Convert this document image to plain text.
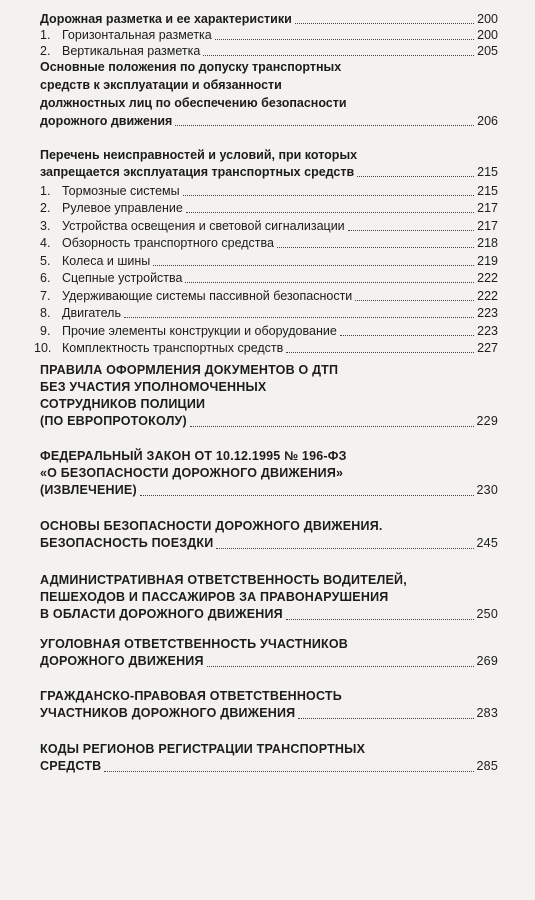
Дорожная разметка и ее характеристики	200
1. Горизонтальная разметка	200
2. Вертикальная разметка	205
Основные положения по допуску транспортных
средств к эксплуатации и обязанности
должностных лиц по обеспечению безопасности
дорожного движения	206
Перечень неисправностей и условий, при которых
запрещается эксплуатация транспортных средств	215
1. Тормозные системы	215
2. Рулевое управление	217
3. Устройства освещения и световой сигнализации	217
4. Обзорность транспортного средства	218
5. Колеса и шины	219
6. Сцепные устройства	222
7. Удерживающие системы пассивной безопасности	222
8. Двигатель	223
9. Прочие элементы конструкции и оборудование	223
10. Комплектность транспортных средств	227
ПРАВИЛА ОФОРМЛЕНИЯ ДОКУМЕНТОВ О ДТП
БЕЗ УЧАСТИЯ УПОЛНОМОЧЕННЫХ
СОТРУДНИКОВ ПОЛИЦИИ
(ПО ЕВРОПРОТОКОЛУ)	229
ФЕДЕРАЛЬНЫЙ ЗАКОН ОТ 10.12.1995 № 196-ФЗ
«О БЕЗОПАСНОСТИ ДОРОЖНОГО ДВИЖЕНИЯ»
(ИЗВЛЕЧЕНИЕ)	230
ОСНОВЫ БЕЗОПАСНОСТИ ДОРОЖНОГО ДВИЖЕНИЯ.
БЕЗОПАСНОСТЬ ПОЕЗДКИ	245
АДМИНИСТРАТИВНАЯ ОТВЕТСТВЕННОСТЬ ВОДИТЕЛЕЙ,
ПЕШЕХОДОВ И ПАССАЖИРОВ ЗА ПРАВОНАРУШЕНИЯ
В ОБЛАСТИ ДОРОЖНОГО ДВИЖЕНИЯ	250
УГОЛОВНАЯ ОТВЕТСТВЕННОСТЬ УЧАСТНИКОВ
ДОРОЖНОГО ДВИЖЕНИЯ	269
ГРАЖДАНСКО-ПРАВОВАЯ ОТВЕТСТВЕННОСТЬ
УЧАСТНИКОВ ДОРОЖНОГО ДВИЖЕНИЯ	283
КОДЫ РЕГИОНОВ РЕГИСТРАЦИИ ТРАНСПОРТНЫХ
СРЕДСТВ	285
